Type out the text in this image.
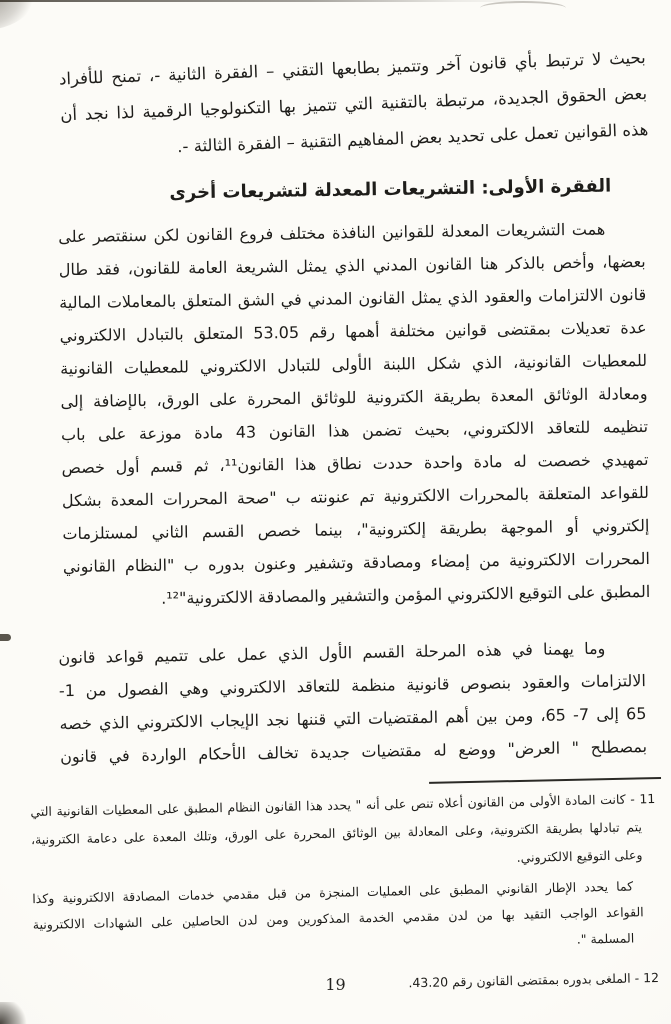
بحيث لا ترتبط بأي قانون آخر وتتميز بطابعها التقني – الفقرة الثانية -، تمنح للأفراد
بعض الحقوق الجديدة، مرتبطة بالتقنية التي تتميز بها التكنولوجيا الرقمية لذا نجد أن
هذه القوانين تعمل على تحديد بعض المفاهيم التقنية – الفقرة الثالثة -.
الفقرة الأولى: التشريعات المعدلة لتشريعات أخرى
همت التشريعات المعدلة للقوانين النافذة مختلف فروع القانون لكن سنقتصر على
بعضها، وأخص بالذكر هنا القانون المدني الذي يمثل الشريعة العامة للقانون، فقد طال
قانون الالتزامات والعقود الذي يمثل القانون المدني في الشق المتعلق بالمعاملات المالية
عدة تعديلات بمقتضى قوانين مختلفة أهمها رقم 53.05 المتعلق بالتبادل الالكتروني
للمعطيات القانونية، الذي شكل اللبنة الأولى للتبادل الالكتروني للمعطيات القانونية
ومعادلة الوثائق المعدة بطريقة الكترونية للوثائق المحررة على الورق، بالإضافة إلى
تنظيمه للتعاقد الالكتروني، بحيث تضمن هذا القانون 43 مادة موزعة على باب
تمهيدي خصصت له مادة واحدة حددت نطاق هذا القانون¹¹، ثم قسم أول خصص
للقواعد المتعلقة بالمحررات الالكترونية تم عنونته ب "صحة المحررات المعدة بشكل
إلكتروني أو الموجهة بطريقة إلكترونية"، بينما خصص القسم الثاني لمستلزمات
المحررات الالكترونية من إمضاء ومصادقة وتشفير وعنون بدوره ب "النظام القانوني
المطبق على التوقيع الالكتروني المؤمن والتشفير والمصادقة الالكترونية"¹².
وما يهمنا في هذه المرحلة القسم الأول الذي عمل على تتميم قواعد قانون
الالتزامات والعقود بنصوص قانونية منظمة للتعاقد الالكتروني وهي الفصول من 1-
65 إلى 7- 65، ومن بين أهم المقتضيات التي قننها نجد الإيجاب الالكتروني الذي خصه
بمصطلح " العرض" ووضع له مقتضيات جديدة تخالف الأحكام الواردة في قانون
11 - كانت المادة الأولى من القانون أعلاه تنص على أنه " يحدد هذا القانون النظام المطبق على المعطيات القانونية التي
يتم تبادلها بطريقة الكترونية، وعلى المعادلة بين الوثائق المحررة على الورق، وتلك المعدة على دعامة الكترونية،
وعلى التوقيع الالكتروني.
كما يحدد الإطار القانوني المطبق على العمليات المنجزة من قبل مقدمي خدمات المصادقة الالكترونية وكذا
القواعد الواجب التقيد بها من لدن مقدمي الخدمة المذكورين ومن لدن الحاصلين على الشهادات الالكترونية
المسلمة ".
12 - الملغى بدوره بمقتضى القانون رقم 43.20.
19
